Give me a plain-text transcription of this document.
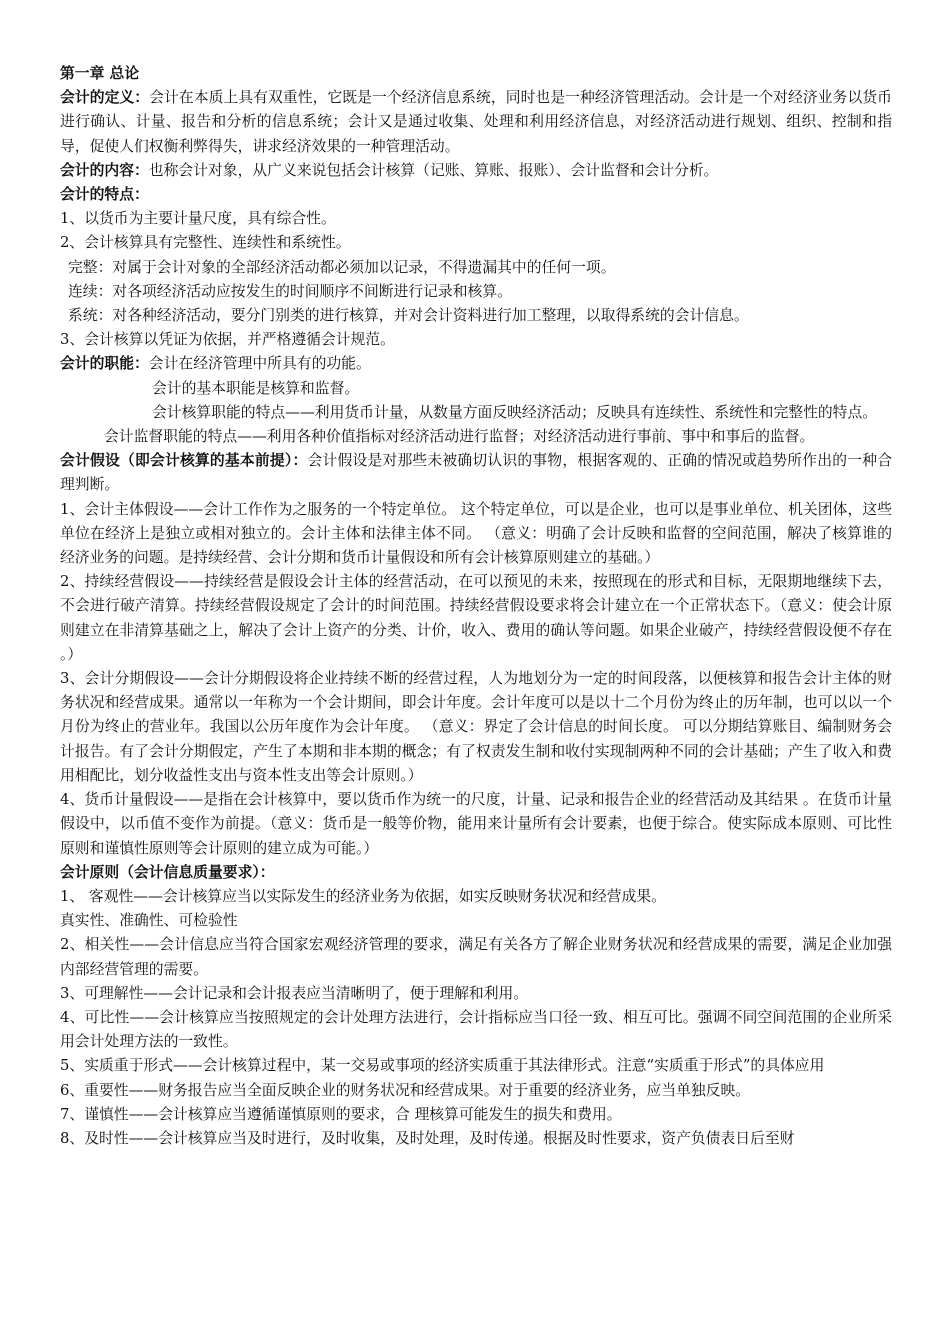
第一章 总论

会计的定义：会计在本质上具有双重性，它既是一个经济信息系统，同时也是一种经济管理活动。会计是一个对经济业务以货币进行确认、计量、报告和分析的信息系统；会计又是通过收集、处理和利用经济信息，对经济活动进行规划、组织、控制和指导，促使人们权衡利弊得失，讲求经济效果的一种管理活动。

会计的内容：也称会计对象，从广义来说包括会计核算（记账、算账、报账）、会计监督和会计分析。

会计的特点：

1、以货币为主要计量尺度，具有综合性。

2、会计核算具有完整性、连续性和系统性。

完整：对属于会计对象的全部经济活动都必须加以记录，不得遗漏其中的任何一项。

连续：对各项经济活动应按发生的时间顺序不间断进行记录和核算。

系统：对各种经济活动，要分门别类的进行核算，并对会计资料进行加工整理，以取得系统的会计信息。

3、会计核算以凭证为依据，并严格遵循会计规范。

会计的职能：会计在经济管理中所具有的功能。

会计的基本职能是核算和监督。

会计核算职能的特点——利用货币计量，从数量方面反映经济活动；反映具有连续性、系统性和完整性的特点。

会计监督职能的特点——利用各种价值指标对经济活动进行监督；对经济活动进行事前、事中和事后的监督。

会计假设（即会计核算的基本前提）：会计假设是对那些未被确切认识的事物，根据客观的、正确的情况或趋势所作出的一种合理判断。

1、会计主体假设——会计工作作为之服务的一个特定单位。 这个特定单位，可以是企业，也可以是事业单位、机关团体，这些单位在经济上是独立或相对独立的。会计主体和法律主体不同。 （意义：明确了会计反映和监督的空间范围，解决了核算谁的经济业务的问题。是持续经营、会计分期和货币计量假设和所有会计核算原则建立的基础。）

2、持续经营假设——持续经营是假设会计主体的经营活动，在可以预见的未来，按照现在的形式和目标，无限期地继续下去，不会进行破产清算。持续经营假设规定了会计的时间范围。持续经营假设要求将会计建立在一个正常状态下。（意义：使会计原则建立在非清算基础之上，解决了会计上资产的分类、计价，收入、费用的确认等问题。如果企业破产，持续经营假设便不存在 。）

3、会计分期假设——会计分期假设将企业持续不断的经营过程，人为地划分为一定的时间段落，以便核算和报告会计主体的财务状况和经营成果。通常以一年称为一个会计期间，即会计年度。会计年度可以是以十二个月份为终止的历年制，也可以以一个月份为终止的营业年。我国以公历年度作为会计年度。 （意义：界定了会计信息的时间长度。 可以分期结算账目、编制财务会计报告。有了会计分期假定，产生了本期和非本期的概念；有了权责发生制和收付实现制两种不同的会计基础；产生了收入和费用相配比，划分收益性支出与资本性支出等会计原则。）

4、货币计量假设——是指在会计核算中，要以货币作为统一的尺度，计量、记录和报告企业的经营活动及其结果 。在货币计量假设中，以币值不变作为前提。（意义：货币是一般等价物，能用来计量所有会计要素，也便于综合。使实际成本原则、可比性原则和谨慎性原则等会计原则的建立成为可能。）

会计原则（会计信息质量要求）：

1、 客观性——会计核算应当以实际发生的经济业务为依据，如实反映财务状况和经营成果。

真实性、准确性、可检验性

2、相关性——会计信息应当符合国家宏观经济管理的要求，满足有关各方了解企业财务状况和经营成果的需要，满足企业加强内部经营管理的需要。

3、可理解性——会计记录和会计报表应当清晰明了，便于理解和利用。

4、可比性——会计核算应当按照规定的会计处理方法进行，会计指标应当口径一致、相互可比。强调不同空间范围的企业所采用会计处理方法的一致性。

5、实质重于形式——会计核算过程中，某一交易或事项的经济实质重于其法律形式。注意“实质重于形式”的具体应用

6、重要性——财务报告应当全面反映企业的财务状况和经营成果。对于重要的经济业务，应当单独反映。

7、谨慎性——会计核算应当遵循谨慎原则的要求，合 理核算可能发生的损失和费用。

8、及时性——会计核算应当及时进行，及时收集，及时处理，及时传递。根据及时性要求，资产负债表日后至财
